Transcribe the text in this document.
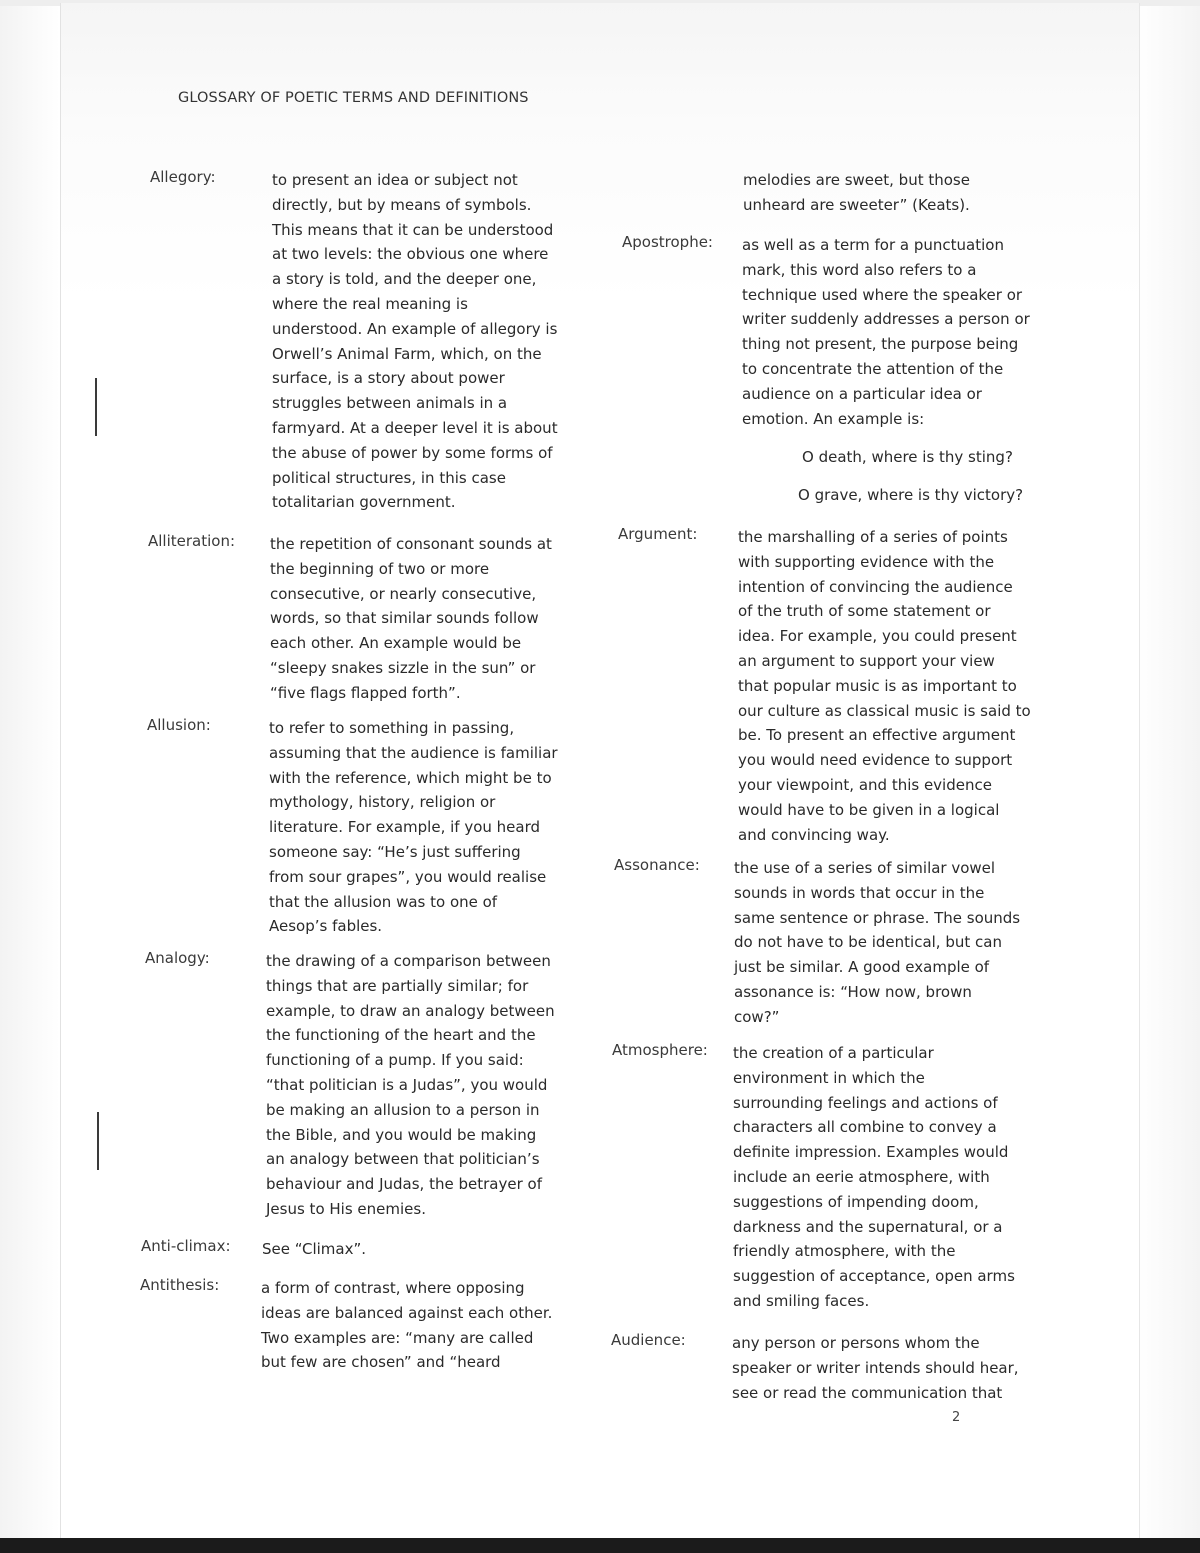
GLOSSARY OF POETIC TERMS AND DEFINITIONS
Allegory:	to present an idea or subject not
directly, but by means of symbols.
This means that it can be understood
at two levels: the obvious one where
a story is told, and the deeper one,
where the real meaning is
understood. An example of allegory is
Orwell’s Animal Farm, which, on the
surface, is a story about power
struggles between animals in a
farmyard. At a deeper level it is about
the abuse of power by some forms of
political structures, in this case
totalitarian government.
Alliteration: the repetition of consonant sounds at
the beginning of two or more
consecutive, or nearly consecutive,
words, so that similar sounds follow
each other. An example would be
“sleepy snakes sizzle in the sun” or
“five flags flapped forth”.
Allusion:	to refer to something in passing,
assuming that the audience is familiar
with the reference, which might be to
mythology, history, religion or
literature. For example, if you heard
someone say: “He’s just suffering
from sour grapes”, you would realise
that the allusion was to one of
Aesop’s fables.
Analogy:	the drawing of a comparison between
things that are partially similar; for
example, to draw an analogy between
the functioning of the heart and the
functioning of a pump. If you said:
“that politician is a Judas”, you would
be making an allusion to a person in
the Bible, and you would be making
an analogy between that politician’s
behaviour and Judas, the betrayer of
Jesus to His enemies.
Anti-climax: See “Climax”.
Antithesis:	a form of contrast, where opposing
ideas are balanced against each other.
Two examples are: “many are called
but few are chosen” and “heard
melodies are sweet, but those
unheard are sweeter” (Keats).
Apostrophe: as well as a term for a punctuation
mark, this word also refers to a
technique used where the speaker or
writer suddenly addresses a person or
thing not present, the purpose being
to concentrate the attention of the
audience on a particular idea or
emotion. An example is:
O death, where is thy sting?
O grave, where is thy victory?
Argument:	the marshalling of a series of points
with supporting evidence with the
intention of convincing the audience
of the truth of some statement or
idea. For example, you could present
an argument to support your view
that popular music is as important to
our culture as classical music is said to
be. To present an effective argument
you would need evidence to support
your viewpoint, and this evidence
would have to be given in a logical
and convincing way.
Assonance: the use of a series of similar vowel
sounds in words that occur in the
same sentence or phrase. The sounds
do not have to be identical, but can
just be similar. A good example of
assonance is: “How now, brown
cow?”
Atmosphere: the creation of a particular
environment in which the
surrounding feelings and actions of
characters all combine to convey a
definite impression. Examples would
include an eerie atmosphere, with
suggestions of impending doom,
darkness and the supernatural, or a
friendly atmosphere, with the
suggestion of acceptance, open arms
and smiling faces.
Audience:	any person or persons whom the
speaker or writer intends should hear,
see or read the communication that
2
